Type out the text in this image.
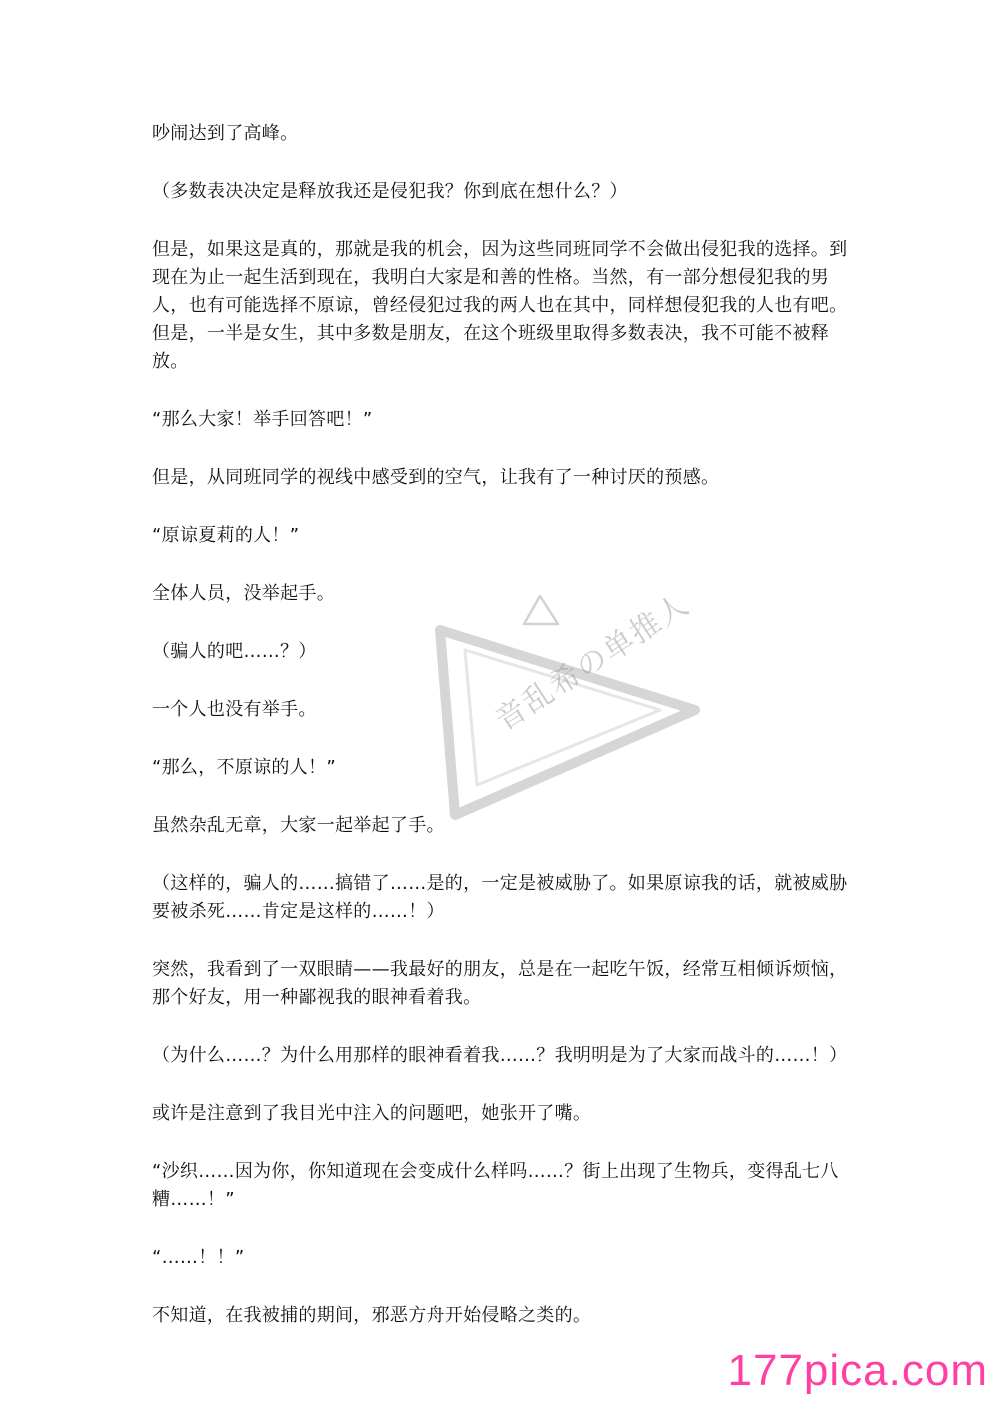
吵闹达到了高峰。

（多数表决决定是释放我还是侵犯我？你到底在想什么？）

但是，如果这是真的，那就是我的机会，因为这些同班同学不会做出侵犯我的选择。到现在为止一起生活到现在，我明白大家是和善的性格。当然，有一部分想侵犯我的男人，也有可能选择不原谅，曾经侵犯过我的两人也在其中，同样想侵犯我的人也有吧。但是，一半是女生，其中多数是朋友，在这个班级里取得多数表决，我不可能不被释放。

“那么大家！举手回答吧！”

但是，从同班同学的视线中感受到的空气，让我有了一种讨厌的预感。

“原谅夏莉的人！”

全体人员，没举起手。

（骗人的吧……？）

一个人也没有举手。

“那么，不原谅的人！”

虽然杂乱无章，大家一起举起了手。

（这样的，骗人的……搞错了……是的，一定是被威胁了。如果原谅我的话，就被威胁要被杀死……肯定是这样的……！）

突然，我看到了一双眼睛——我最好的朋友，总是在一起吃午饭，经常互相倾诉烦恼，那个好友，用一种鄙视我的眼神看着我。

（为什么……？为什么用那样的眼神看着我……？我明明是为了大家而战斗的……！）

或许是注意到了我目光中注入的问题吧，她张开了嘴。

“沙织……因为你，你知道现在会变成什么样吗……？街上出现了生物兵，变得乱七八糟……！”

“……！！”

不知道，在我被捕的期间，邪恶方舟开始侵略之类的。

音乱希の单推人
177pica.com
